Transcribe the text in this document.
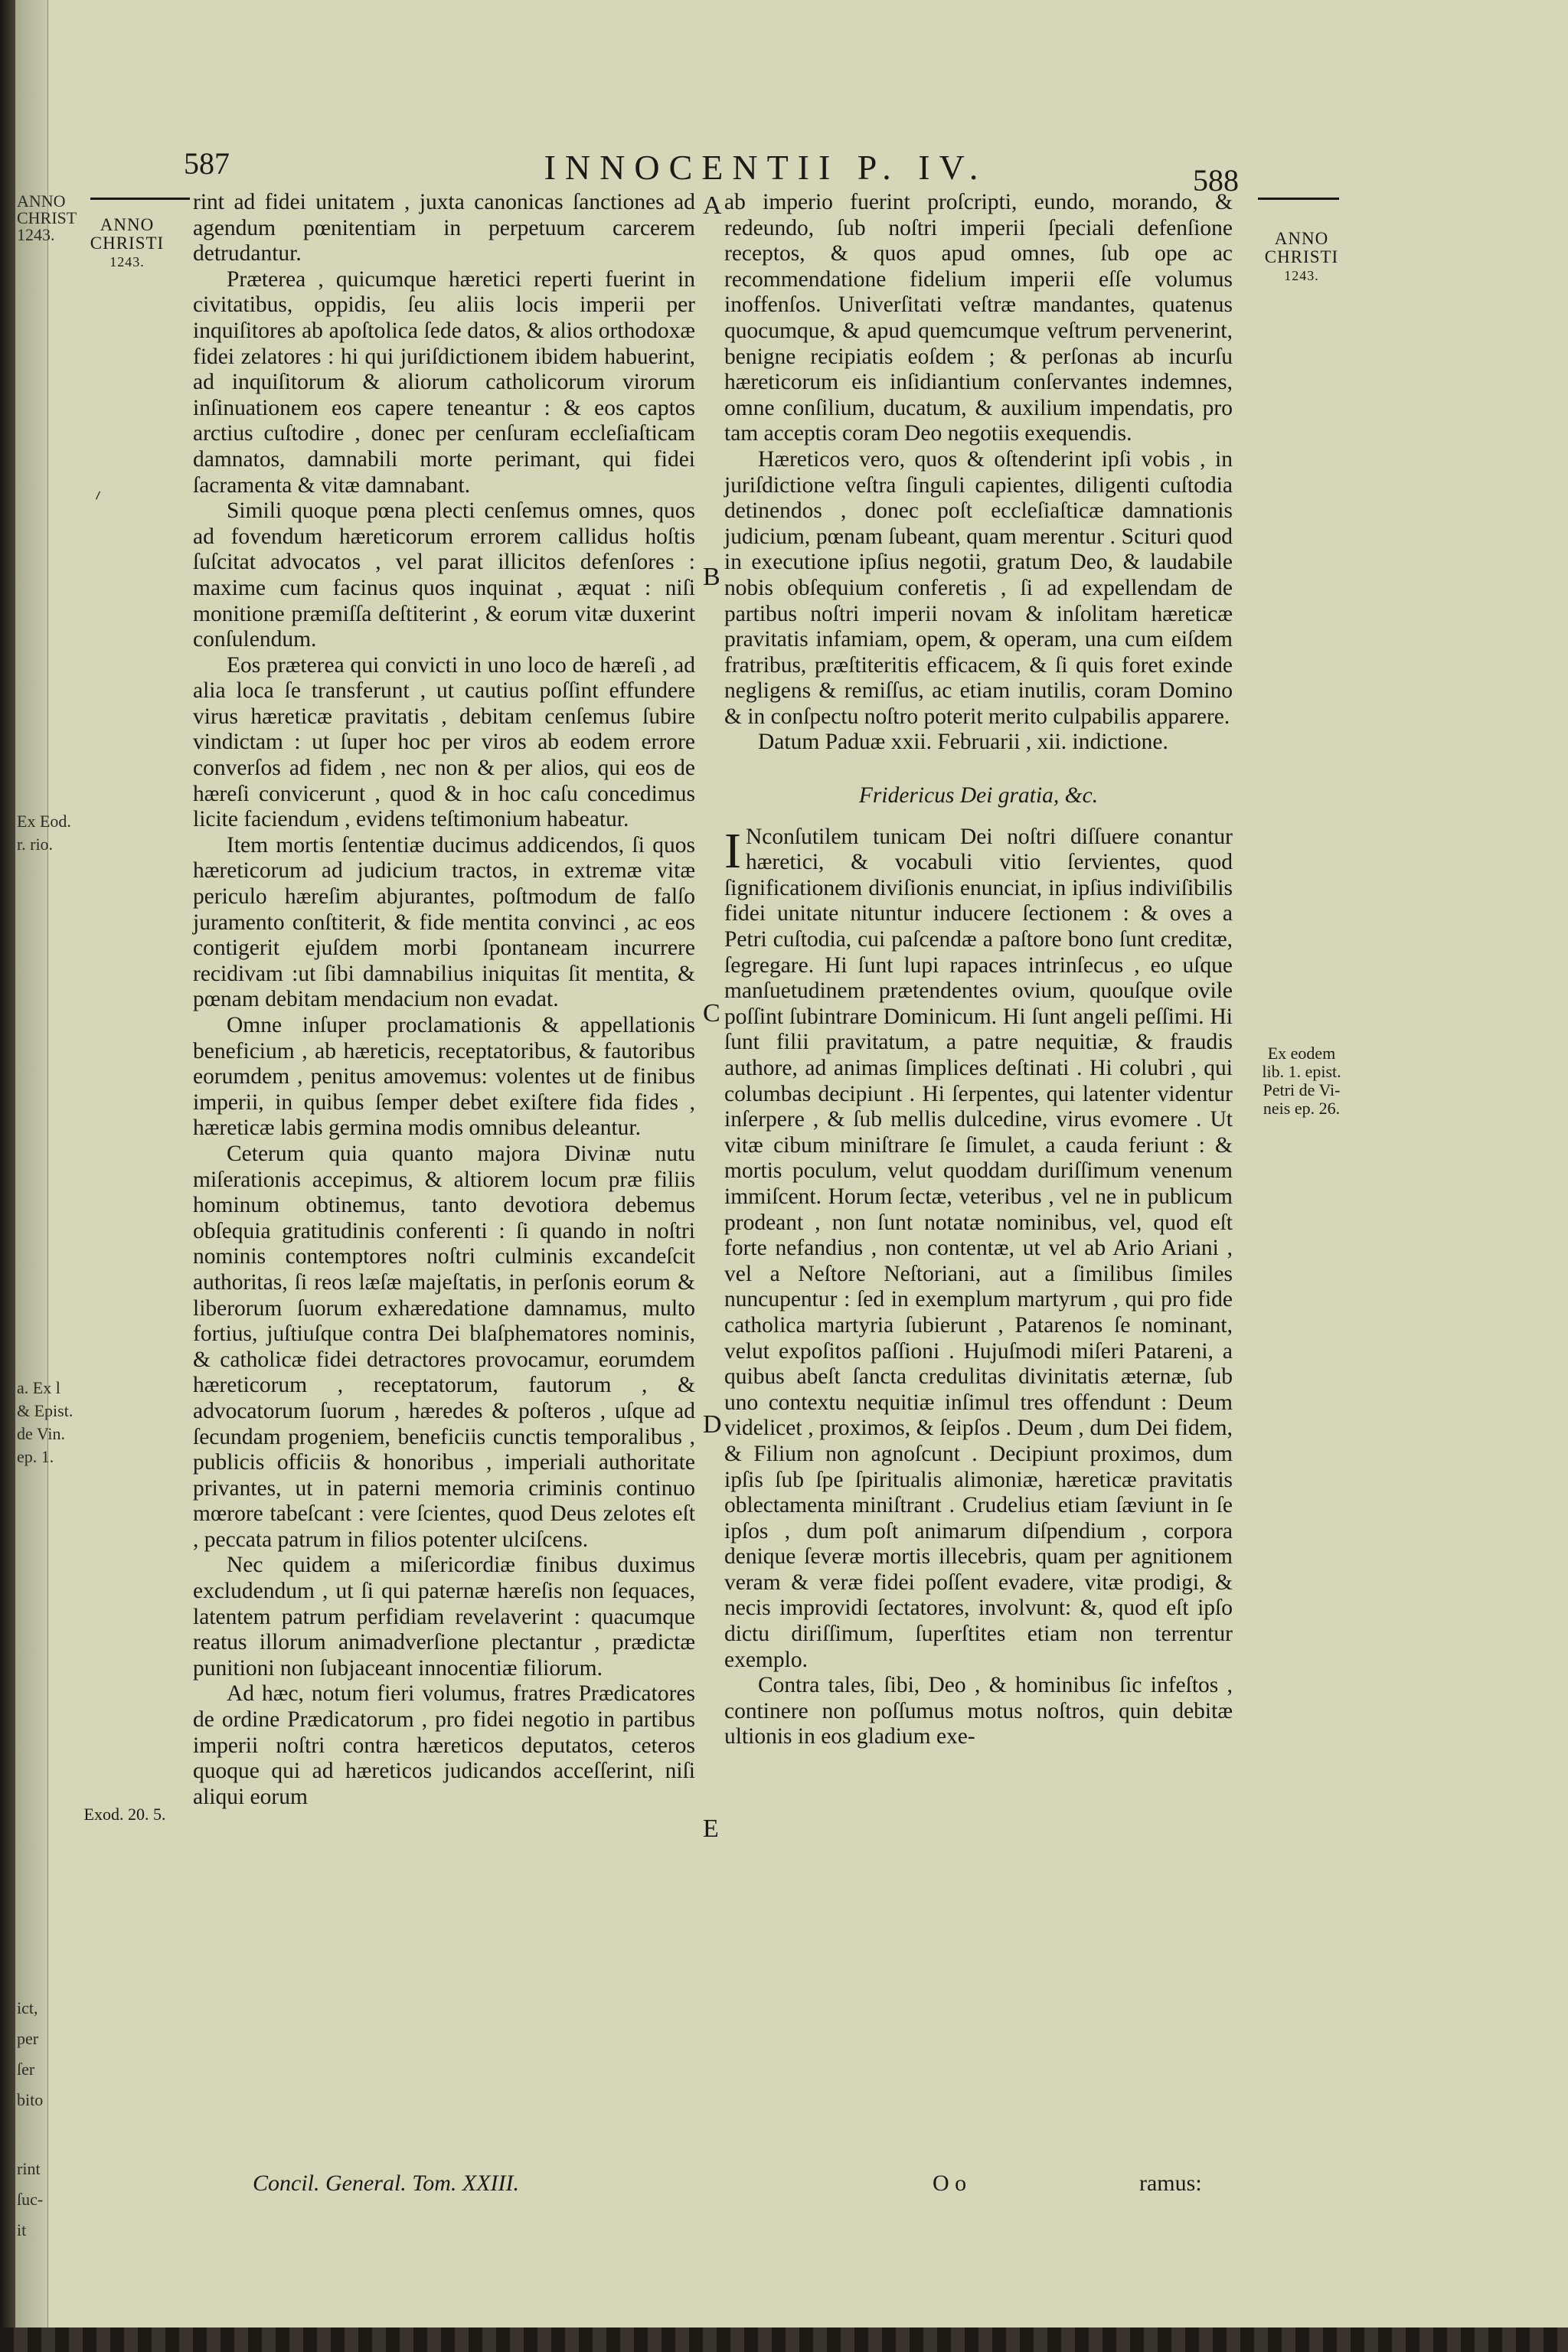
ANNO
CHRIST
1243.
Ex Eod.
r. rio.
a. Ex l
& Epist.
de Vin.
ep. 1.
ict,
per
ſer
bito
rint
ſuc-
it
587	INNOCENTII P. IV.	588
ANNO
CHRISTI
1243.
Exod. 20. 5.
⸝
ANNO
CHRISTI
1243.
Ex eodem
lib. 1. epist.
Petri de Vi-
neis ep. 26.
A
B
C
D
E

rint ad fidei unitatem , juxta canonicas ſanctiones ad agendum pœnitentiam in perpetuum carcerem detrudantur.

Præterea , quicumque hæretici reperti fuerint in civitatibus, oppidis, ſeu aliis locis imperii per inquiſitores ab apoſtolica ſede datos, & alios orthodoxæ fidei zelatores : hi qui juriſdictionem ibidem habuerint, ad inquiſitorum & aliorum catholicorum virorum inſinuationem eos capere teneantur : & eos captos arctius cuſtodire , donec per cenſuram eccleſiaſticam damnatos, damnabili morte perimant, qui fidei ſacramenta & vitæ damnabant.

Simili quoque pœna plecti cenſemus omnes, quos ad fovendum hæreticorum errorem callidus hoſtis ſuſcitat advocatos , vel parat illicitos defenſores : maxime cum facinus quos inquinat , æquat : niſi monitione præmiſſa deſtiterint , & eorum vitæ duxerint conſulendum.

Eos præterea qui convicti in uno loco de hæreſi , ad alia loca ſe transferunt , ut cautius poſſint effundere virus hæreticæ pravitatis , debitam cenſemus ſubire vindictam : ut ſuper hoc per viros ab eodem errore converſos ad fidem , nec non & per alios, qui eos de hæreſi convicerunt , quod & in hoc caſu concedimus licite faciendum , evidens teſtimonium habeatur.

Item mortis ſententiæ ducimus addicendos, ſi quos hæreticorum ad judicium tractos, in extremæ vitæ periculo hæreſim abjurantes, poſtmodum de falſo juramento conſtiterit, & fide mentita convinci , ac eos contigerit ejuſdem morbi ſpontaneam incurrere recidivam :ut ſibi damnabilius iniquitas ſit mentita, & pœnam debitam mendacium non evadat.

Omne inſuper proclamationis & appellationis beneficium , ab hæreticis, receptatoribus, & fautoribus eorumdem , penitus amovemus: volentes ut de finibus imperii, in quibus ſemper debet exiſtere fida fides , hæreticæ labis germina modis omnibus deleantur.

Ceterum quia quanto majora Divinæ nutu miſerationis accepimus, & altiorem locum præ filiis hominum obtinemus, tanto devotiora debemus obſequia gratitudinis conferenti : ſi quando in noſtri nominis contemptores noſtri culminis excandeſcit authoritas, ſi reos læſæ majeſtatis, in perſonis eorum & liberorum ſuorum exhæredatione damnamus, multo fortius, juſtiuſque contra Dei blaſphematores nominis, & catholicæ fidei detractores provocamur, eorumdem hæreticorum , receptatorum, fautorum , & advocatorum ſuorum , hæredes & poſteros , uſque ad ſecundam progeniem, beneficiis cunctis temporalibus , publicis officiis & honoribus , imperiali authoritate privantes, ut in paterni memoria criminis continuo mœrore tabeſcant : vere ſcientes, quod Deus zelotes eſt , peccata patrum in filios potenter ulciſcens.

Nec quidem a miſericordiæ finibus duximus excludendum , ut ſi qui paternæ hæreſis non ſequaces, latentem patrum perfidiam revelaverint : quacumque reatus illorum animadverſione plectantur , prædictæ punitioni non ſubjaceant innocentiæ filiorum.

Ad hæc, notum fieri volumus, fratres Prædicatores de ordine Prædicatorum , pro fidei negotio in partibus imperii noſtri contra hæreticos deputatos, ceteros quoque qui ad hæreticos judicandos acceſſerint, niſi aliqui eorum

ab imperio fuerint proſcripti, eundo, morando, & redeundo, ſub noſtri imperii ſpeciali defenſione receptos, & quos apud omnes, ſub ope ac recommendatione fidelium imperii eſſe volumus inoffenſos. Univerſitati veſtræ mandantes, quatenus quocumque, & apud quemcumque veſtrum pervenerint, benigne recipiatis eoſdem ; & perſonas ab incurſu hæreticorum eis inſidiantium conſervantes indemnes, omne conſilium, ducatum, & auxilium impendatis, pro tam acceptis coram Deo negotiis exequendis.

Hæreticos vero, quos & oſtenderint ipſi vobis , in juriſdictione veſtra ſinguli capientes, diligenti cuſtodia detinendos , donec poſt eccleſiaſticæ damnationis judicium, pœnam ſubeant, quam merentur . Scituri quod in executione ipſius negotii, gratum Deo, & laudabile nobis obſequium conferetis , ſi ad expellendam de partibus noſtri imperii novam & inſolitam hæreticæ pravitatis infamiam, opem, & operam, una cum eiſdem fratribus, præſtiteritis efficacem, & ſi quis foret exinde negligens & remiſſus, ac etiam inutilis, coram Domino & in conſpectu noſtro poterit merito culpabilis apparere.

Datum Paduæ xxii. Februarii , xii. indictione.

Fridericus Dei gratia, &c.

I Nconſutilem tunicam Dei noſtri diſſuere conantur hæretici, & vocabuli vitio ſervientes, quod ſignificationem diviſionis enunciat, in ipſius indiviſibilis fidei unitate nituntur inducere ſectionem : & oves a Petri cuſtodia, cui paſcendæ a paſtore bono ſunt creditæ, ſegregare. Hi ſunt lupi rapaces intrinſecus , eo uſque manſuetudinem prætendentes ovium, quouſque ovile poſſint ſubintrare Dominicum. Hi ſunt angeli peſſimi. Hi ſunt filii pravitatum, a patre nequitiæ, & fraudis authore, ad animas ſimplices deſtinati . Hi colubri , qui columbas decipiunt . Hi ſerpentes, qui latenter videntur inſerpere , & ſub mellis dulcedine, virus evomere . Ut vitæ cibum miniſtrare ſe ſimulet, a cauda feriunt : & mortis poculum, velut quoddam duriſſimum venenum immiſcent. Horum ſectæ, veteribus , vel ne in publicum prodeant , non ſunt notatæ nominibus, vel, quod eſt forte nefandius , non contentæ, ut vel ab Ario Ariani , vel a Neſtore Neſtoriani, aut a ſimilibus ſimiles nuncupentur : ſed in exemplum martyrum , qui pro fide catholica martyria ſubierunt , Patarenos ſe nominant, velut expoſitos paſſioni . Hujuſmodi miſeri Patareni, a quibus abeſt ſancta credulitas divinitatis æternæ, ſub uno contextu nequitiæ inſimul tres offendunt : Deum videlicet , proximos, & ſeipſos . Deum , dum Dei fidem, & Filium non agnoſcunt . Decipiunt proximos, dum ipſis ſub ſpe ſpiritualis alimoniæ, hæreticæ pravitatis oblectamenta miniſtrant . Crudelius etiam ſæviunt in ſe ipſos , dum poſt animarum diſpendium , corpora denique ſeveræ mortis illecebris, quam per agnitionem veram & veræ fidei poſſent evadere, vitæ prodigi, & necis improvidi ſectatores, involvunt: &, quod eſt ipſo dictu diriſſimum, ſuperſtites etiam non terrentur exemplo.

Contra tales, ſibi, Deo , & hominibus ſic infeſtos , continere non poſſumus motus noſtros, quin debitæ ultionis in eos gladium exe-

Concil. General. Tom. XXIII.	O o	ramus:
